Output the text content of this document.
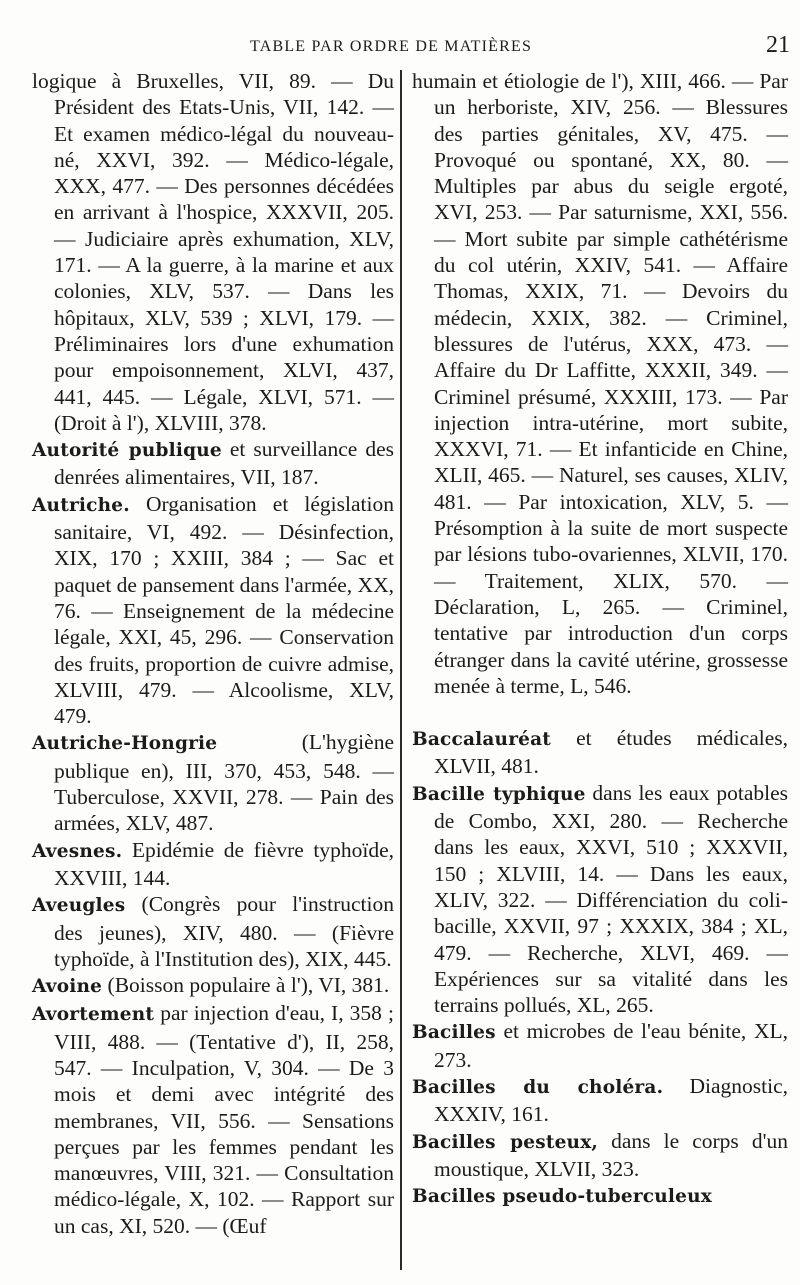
TABLE PAR ORDRE DE MATIÈRES	21

logique à Bruxelles, VII, 89. — Du Président des Etats-Unis, VII, 142. — Et examen médico-légal du nouveau-né, XXVI, 392. — Médico-légale, XXX, 477. — Des personnes décédées en arrivant à l'hospice, XXXVII, 205. — Judiciaire après exhumation, XLV, 171. — A la guerre, à la marine et aux colonies, XLV, 537. — Dans les hôpitaux, XLV, 539 ; XLVI, 179. — Préliminaires lors d'une exhumation pour empoisonnement, XLVI, 437, 441, 445. — Légale, XLVI, 571. — (Droit à l'), XLVIII, 378.

Autorité publique et surveillance des denrées alimentaires, VII, 187.

Autriche. Organisation et législation sanitaire, VI, 492. — Désinfection, XIX, 170 ; XXIII, 384 ; — Sac et paquet de pansement dans l'armée, XX, 76. — Enseignement de la médecine légale, XXI, 45, 296. — Conservation des fruits, proportion de cuivre admise, XLVIII, 479. — Alcoolisme, XLV, 479.

Autriche-Hongrie	(L'hygiène publique en), III, 370, 453, 548. — Tuberculose, XXVII, 278. — Pain des armées, XLV, 487.

Avesnes. Epidémie de fièvre typhoïde, XXVIII, 144.

Aveugles (Congrès pour l'instruction des jeunes), XIV, 480. — (Fièvre typhoïde, à l'Institution des), XIX, 445.

Avoine (Boisson populaire à l'), VI, 381.

Avortement par injection d'eau, I, 358 ; VIII, 488. — (Tentative d'), II, 258, 547. — Inculpation, V, 304. — De 3 mois et demi avec intégrité des membranes, VII, 556. — Sensations perçues par les femmes pendant les manœuvres, VIII, 321. — Consultation médico-légale, X, 102. — Rapport sur un cas, XI, 520. — (Œuf

humain et étiologie de l'), XIII, 466. — Par un herboriste, XIV, 256. — Blessures des parties génitales, XV, 475. — Provoqué ou spontané, XX, 80. — Multiples par abus du seigle ergoté, XVI, 253. — Par saturnisme, XXI, 556. — Mort subite par simple cathétérisme du col utérin, XXIV, 541. — Affaire Thomas, XXIX, 71. — Devoirs du médecin, XXIX, 382. — Criminel, blessures de l'utérus, XXX, 473. — Affaire du Dr Laffitte, XXXII, 349. — Criminel présumé, XXXIII, 173. — Par injection intra-utérine, mort subite, XXXVI, 71. — Et infanticide en Chine, XLII, 465. — Naturel, ses causes, XLIV, 481. — Par intoxication, XLV, 5. — Présomption à la suite de mort suspecte par lésions tubo-ovariennes, XLVII, 170. — Traitement, XLIX, 570. — Déclaration, L, 265. — Criminel, tentative par introduction d'un corps étranger dans la cavité utérine, grossesse menée à terme, L, 546.

Baccalauréat et études médicales, XLVII, 481.

Bacille typhique dans les eaux potables de Combo, XXI, 280. — Recherche dans les eaux, XXVI, 510 ; XXXVII, 150 ; XLVIII, 14. — Dans les eaux, XLIV, 322. — Différenciation du coli-bacille, XXVII, 97 ; XXXIX, 384 ; XL, 479. — Recherche, XLVI, 469. — Expériences sur sa vitalité dans les terrains pollués, XL, 265.

Bacilles et microbes de l'eau bénite, XL, 273.

Bacilles du choléra. Diagnostic, XXXIV, 161.

Bacilles pesteux, dans le corps d'un moustique, XLVII, 323.

Bacilles pseudo-tuberculeux
